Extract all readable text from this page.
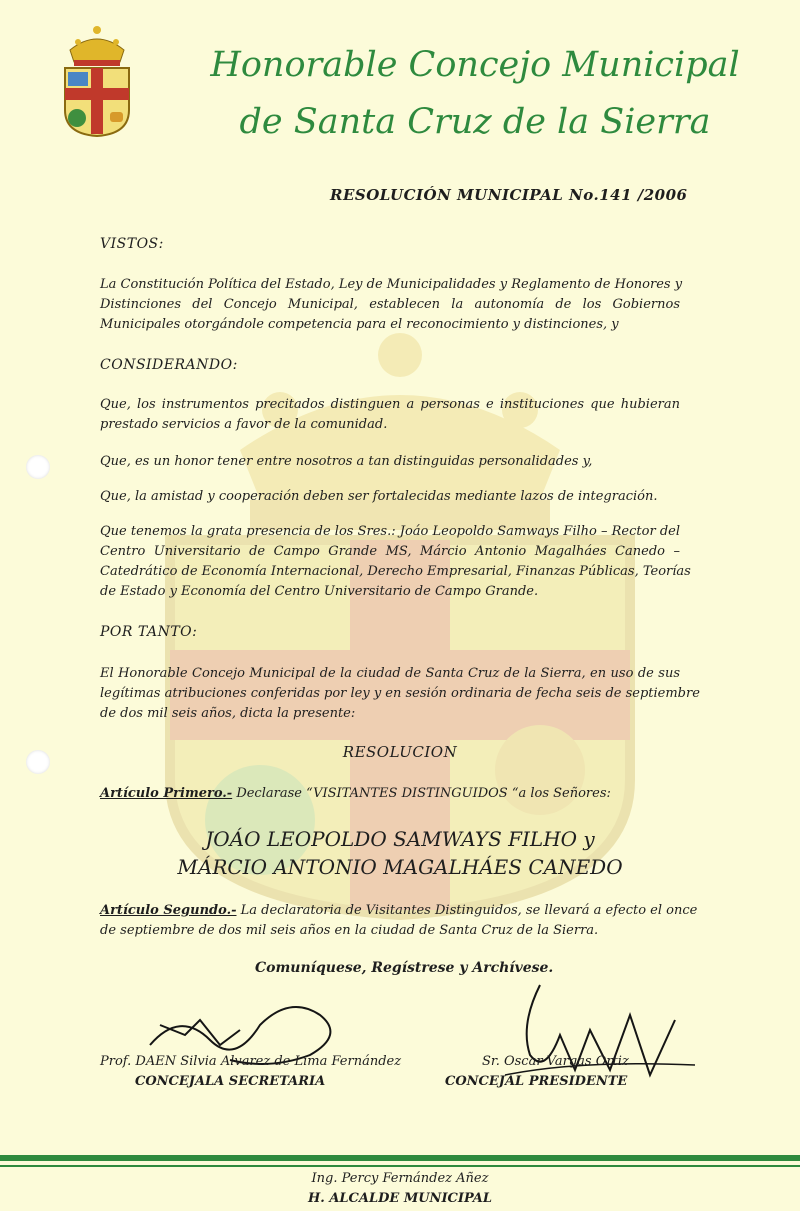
Honorable Concejo Municipal
de Santa Cruz de la Sierra
RESOLUCIÓN MUNICIPAL No.141 /2006
VISTOS:
La Constitución Política del Estado, Ley de Municipalidades y Reglamento de Honores y
Distinciones del Concejo Municipal, establecen la autonomía de los Gobiernos
Municipales otorgándole competencia para el reconocimiento y distinciones, y
CONSIDERANDO:
Que, los instrumentos precitados distinguen a personas e instituciones que hubieran
prestado servicios a favor de la comunidad.
Que, es un honor tener entre nosotros a tan distinguidas personalidades y,
Que, la amistad y cooperación deben ser fortalecidas mediante lazos de integración.
Que tenemos la grata presencia de los Sres.: Joáo Leopoldo Samways Filho – Rector del
Centro Universitario de Campo Grande MS, Márcio Antonio Magalháes Canedo –
Catedrático de Economía Internacional, Derecho Empresarial, Finanzas Públicas, Teorías
de Estado y Economía del Centro Universitario de Campo Grande.
POR TANTO:
El Honorable Concejo Municipal de la ciudad de Santa Cruz de la Sierra, en uso de sus
legítimas atribuciones conferidas por ley y en sesión ordinaria de fecha seis de septiembre
de dos mil seis años, dicta la presente:
RESOLUCION
Artículo Primero.- Declarase “VISITANTES DISTINGUIDOS “a los Señores:
JOÁO LEOPOLDO SAMWAYS FILHO y
MÁRCIO ANTONIO MAGALHÁES CANEDO
Artículo Segundo.- La declaratoria de Visitantes Distinguidos, se llevará a efecto el once
de septiembre de dos mil seis años en la ciudad de Santa Cruz de la Sierra.
Comuníquese, Regístrese y Archívese.
Prof. DAEN Silvia Alvarez de Lima Fernández
CONCEJALA SECRETARIA
Sr. Oscar Vargas Ortiz
CONCEJAL PRESIDENTE
Ing. Percy Fernández Añez
H. ALCALDE MUNICIPAL
